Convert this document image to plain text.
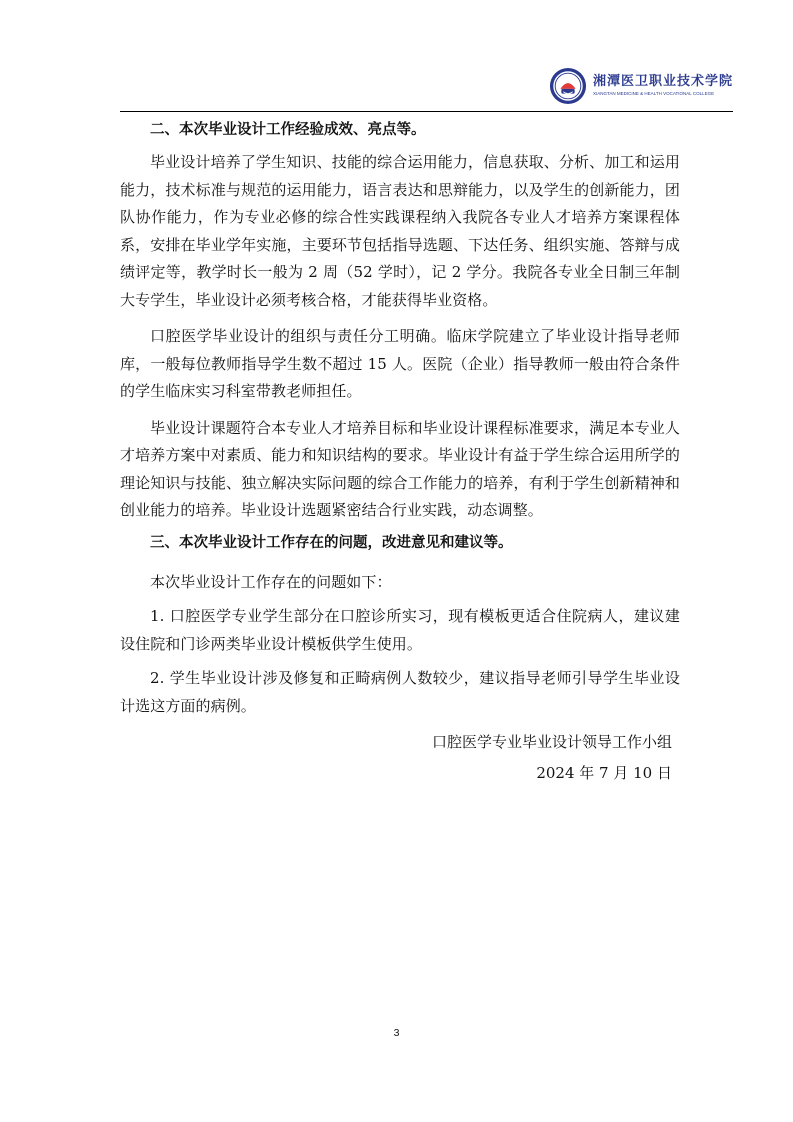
湘潭医卫职业技术学院
XIANGTAN MEDICINE & HEALTH VOCATIONAL COLLEGE

二、本次毕业设计工作经验成效、亮点等。

毕业设计培养了学生知识、技能的综合运用能力，信息获取、分析、加工和运用能力，技术标准与规范的运用能力，语言表达和思辩能力，以及学生的创新能力，团队协作能力，作为专业必修的综合性实践课程纳入我院各专业人才培养方案课程体系，安排在毕业学年实施，主要环节包括指导选题、下达任务、组织实施、答辩与成绩评定等，教学时长一般为 2 周（52 学时），记 2 学分。我院各专业全日制三年制大专学生，毕业设计必须考核合格，才能获得毕业资格。

口腔医学毕业设计的组织与责任分工明确。临床学院建立了毕业设计指导老师库，一般每位教师指导学生数不超过 15 人。医院（企业）指导教师一般由符合条件的学生临床实习科室带教老师担任。

毕业设计课题符合本专业人才培养目标和毕业设计课程标准要求，满足本专业人才培养方案中对素质、能力和知识结构的要求。毕业设计有益于学生综合运用所学的理论知识与技能、独立解决实际问题的综合工作能力的培养，有利于学生创新精神和创业能力的培养。毕业设计选题紧密结合行业实践，动态调整。

三、本次毕业设计工作存在的问题，改进意见和建议等。

本次毕业设计工作存在的问题如下：

1. 口腔医学专业学生部分在口腔诊所实习，现有模板更适合住院病人，建议建设住院和门诊两类毕业设计模板供学生使用。

2. 学生毕业设计涉及修复和正畸病例人数较少，建议指导老师引导学生毕业设计选这方面的病例。

口腔医学专业毕业设计领导工作小组

2024 年 7 月 10 日

3
